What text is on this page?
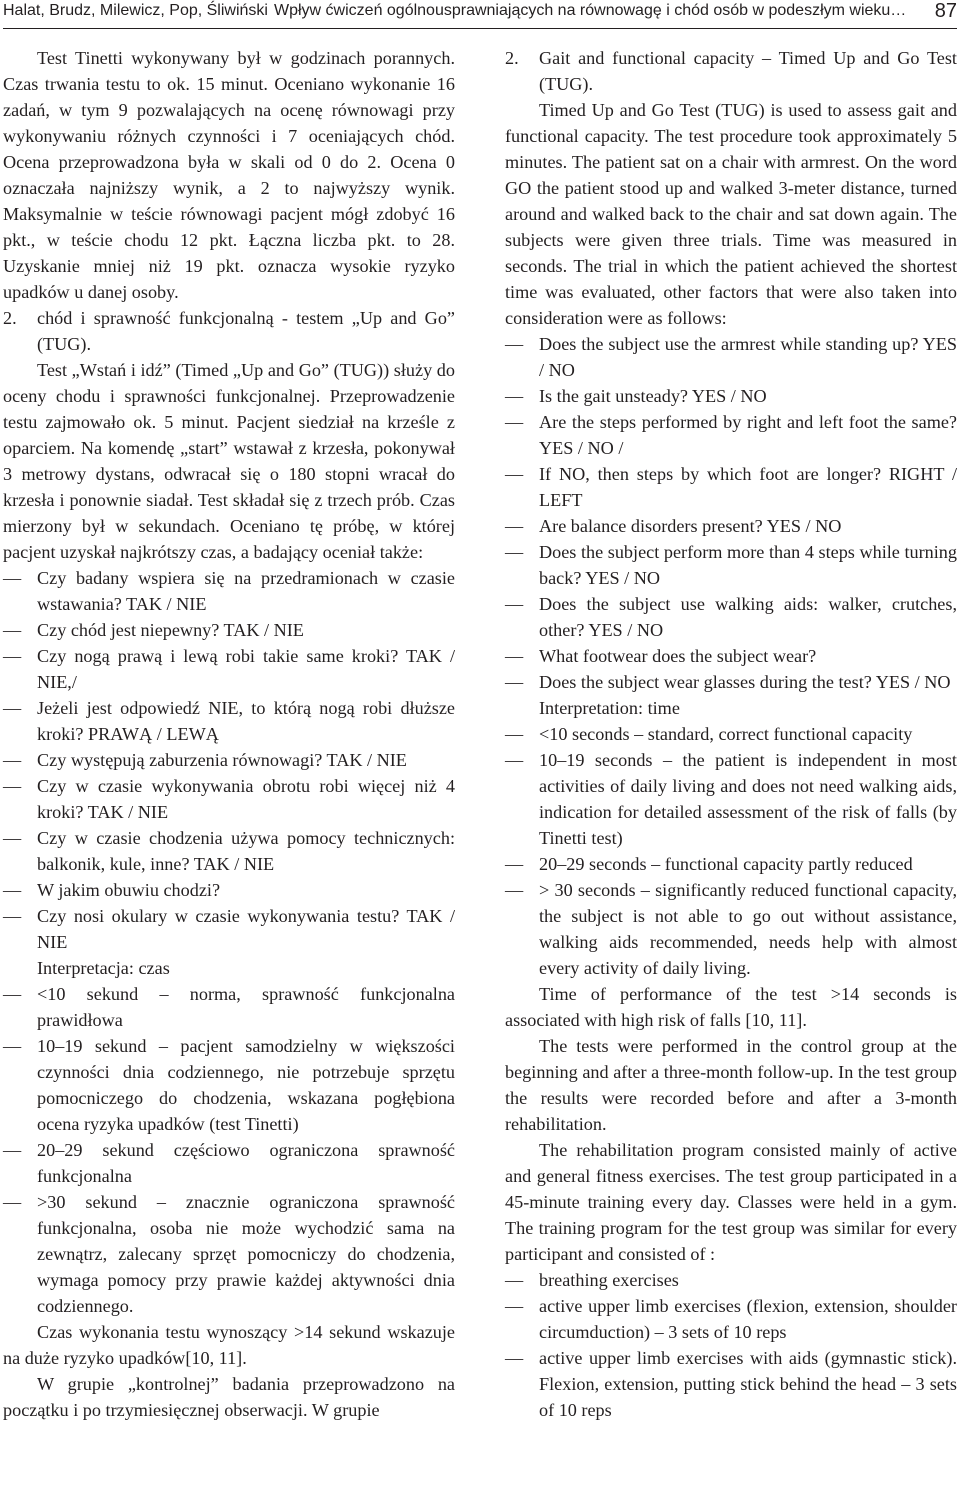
Halat, Brudz, Milewicz, Pop, Śliwiński Wpływ ćwiczeń ogólnousprawniających na równowagę i chód osób w podeszłym wieku… 87

Test Tinetti wykonywany był w godzinach porannych. Czas trwania testu to ok. 15 minut. Oceniano wykonanie 16 zadań, w tym 9 pozwalających na ocenę równowagi przy wykonywaniu różnych czynności i 7 oceniających chód. Ocena przeprowadzona była w skali od 0 do 2. Ocena 0 oznaczała najniższy wynik, a 2 to najwyższy wynik. Maksymalnie w teście równowagi pacjent mógł zdobyć 16 pkt., w teście chodu 12 pkt. Łączna liczba pkt. to 28. Uzyskanie mniej niż 19 pkt. oznacza wysokie ryzyko upadków u danej osoby.

2. chód i sprawność funkcjonalną - testem „Up and Go” (TUG).

Test „Wstań i idź” (Timed „Up and Go” (TUG)) służy do oceny chodu i sprawności funkcjonalnej. Przeprowadzenie testu zajmowało ok. 5 minut. Pacjent siedział na krześle z oparciem. Na komendę „start” wstawał z krzesła, pokonywał 3 metrowy dystans, odwracał się o 180 stopni wracał do krzesła i ponownie siadał. Test składał się z trzech prób. Czas mierzony był w sekundach. Oceniano tę próbę, w której pacjent uzyskał najkrótszy czas, a badający oceniał także:

— Czy badany wspiera się na przedramionach w czasie wstawania? TAK / NIE

— Czy chód jest niepewny? TAK / NIE

— Czy nogą prawą i lewą robi takie same kroki? TAK / NIE,/

— Jeżeli jest odpowiedź NIE, to którą nogą robi dłuższe kroki? PRAWĄ / LEWĄ

— Czy występują zaburzenia równowagi? TAK / NIE

— Czy w czasie wykonywania obrotu robi więcej niż 4 kroki? TAK / NIE

— Czy w czasie chodzenia używa pomocy technicznych: balkonik, kule, inne? TAK / NIE

— W jakim obuwiu chodzi?

— Czy nosi okulary w czasie wykonywania testu? TAK / NIE

Interpretacja: czas

— <10 sekund – norma, sprawność funkcjonalna prawidłowa

— 10–19 sekund – pacjent samodzielny w większości czynności dnia codziennego, nie potrzebuje sprzętu pomocniczego do chodzenia, wskazana pogłębiona ocena ryzyka upadków (test Tinetti)

— 20–29 sekund częściowo ograniczona sprawność funkcjonalna

— >30 sekund – znacznie ograniczona sprawność funkcjonalna, osoba nie może wychodzić sama na zewnątrz, zalecany sprzęt pomocniczy do chodzenia, wymaga pomocy przy prawie każdej aktywności dnia codziennego.

Czas wykonania testu wynoszący >14 sekund wskazuje na duże ryzyko upadków[10, 11].

W grupie „kontrolnej” badania przeprowadzono na początku i po trzymiesięcznej obserwacji. W grupie

2. Gait and functional capacity – Timed Up and Go Test (TUG).

Timed Up and Go Test (TUG) is used to assess gait and functional capacity. The test procedure took approximately 5 minutes. The patient sat on a chair with armrest. On the word GO the patient stood up and walked 3-meter distance, turned around and walked back to the chair and sat down again. The subjects were given three trials. Time was measured in seconds. The trial in which the patient achieved the shortest time was evaluated, other factors that were also taken into consideration were as follows:

— Does the subject use the armrest while standing up? YES / NO

— Is the gait unsteady? YES / NO

— Are the steps performed by right and left foot the same? YES / NO /

— If NO, then steps by which foot are longer? RIGHT / LEFT

— Are balance disorders present? YES / NO

— Does the subject perform more than 4 steps while turning back? YES / NO

— Does the subject use walking aids: walker, crutches, other? YES / NO

— What footwear does the subject wear?

— Does the subject wear glasses during the test? YES / NO

Interpretation: time

— <10 seconds – standard, correct functional capacity

— 10–19 seconds – the patient is independent in most activities of daily living and does not need walking aids, indication for detailed assessment of the risk of falls (by Tinetti test)

— 20–29 seconds – functional capacity partly reduced

— > 30 seconds – significantly reduced functional capacity, the subject is not able to go out without assistance, walking aids recommended, needs help with almost every activity of daily living.

Time of performance of the test >14 seconds is associated with high risk of falls [10, 11].

The tests were performed in the control group at the beginning and after a three-month follow-up. In the test group the results were recorded before and after a 3-month rehabilitation.

The rehabilitation program consisted mainly of active and general fitness exercises. The test group participated in a 45-minute training every day. Classes were held in a gym. The training program for the test group was similar for every participant and consisted of :

— breathing exercises

— active upper limb exercises (flexion, extension, shoulder circumduction) – 3 sets of 10 reps

— active upper limb exercises with aids (gymnastic stick). Flexion, extension, putting stick behind the head – 3 sets of 10 reps
